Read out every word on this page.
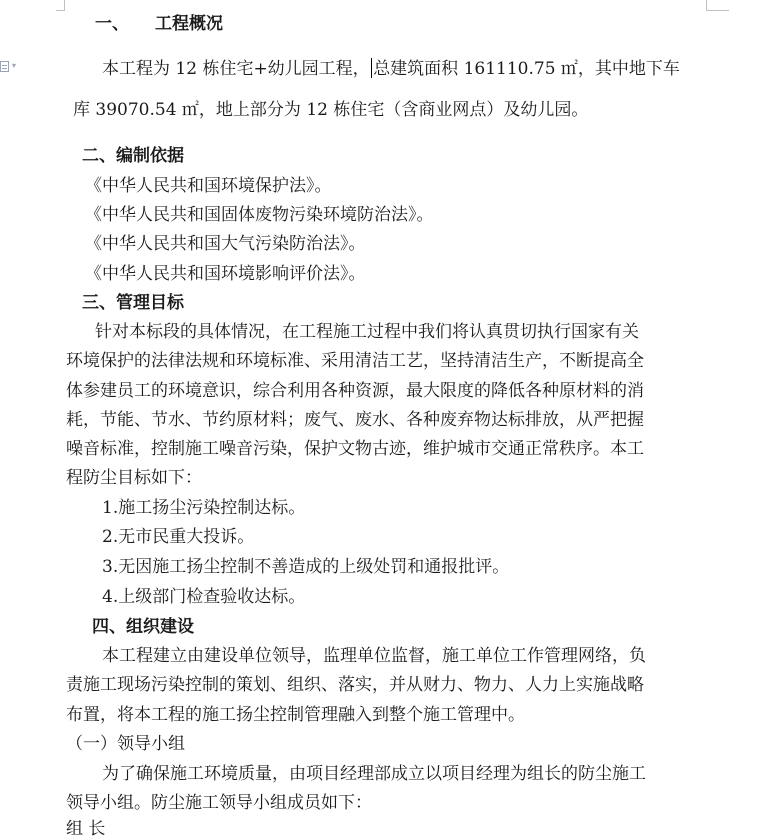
▾
一、 工程概况
本工程为 12 栋住宅+幼儿园工程， 总建筑面积 161110.75 ㎡，其中地下车
库 39070.54 ㎡，地上部分为 12 栋住宅（含商业网点）及幼儿园。
二、编制依据
《中华人民共和国环境保护法》。
《中华人民共和国固体废物污染环境防治法》。
《中华人民共和国大气污染防治法》。
《中华人民共和国环境影响评价法》。
三、管理目标
针对本标段的具体情况，在工程施工过程中我们将认真贯切执行国家有关
环境保护的法律法规和环境标准、采用清洁工艺，坚持清洁生产，不断提高全
体参建员工的环境意识，综合利用各种资源，最大限度的降低各种原材料的消
耗，节能、节水、节约原材料；废气、废水、各种废弃物达标排放，从严把握
噪音标准，控制施工噪音污染，保护文物古迹，维护城市交通正常秩序。本工
程防尘目标如下：
1.施工扬尘污染控制达标。
2.无市民重大投诉。
3.无因施工扬尘控制不善造成的上级处罚和通报批评。
4.上级部门检查验收达标。
四、组织建设
本工程建立由建设单位领导，监理单位监督，施工单位工作管理网络，负
责施工现场污染控制的策划、组织、落实，并从财力、物力、人力上实施战略
布置，将本工程的施工扬尘控制管理融入到整个施工管理中。
（一）领导小组
为了确保施工环境质量，由项目经理部成立以项目经理为组长的防尘施工
领导小组。防尘施工领导小组成员如下：
组 长
